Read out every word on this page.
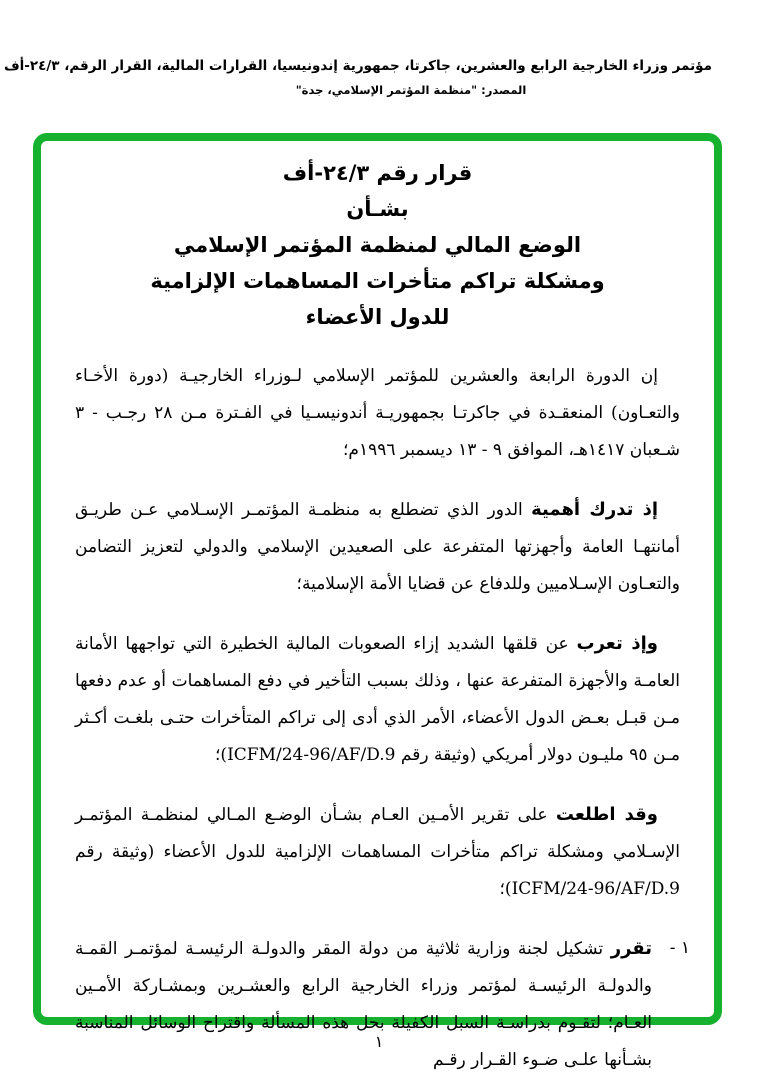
مؤتمر وزراء الخارجية الرابع والعشرين، جاكرتا، جمهورية إندونيسيا، القرارات المالية، القرار الرقم، ٢٤/٣-أف
المصدر: "منظمة المؤتمر الإسلامي، جدة"
قرار رقم ٢٤/٣-أف
بشـأن
الوضع المالي لمنظمة المؤتمر الإسلامي
ومشكلة تراكم متأخرات المساهمات الإلزامية
للدول الأعضاء

إن الدورة الرابعة والعشرين للمؤتمر الإسلامي لـوزراء الخارجيـة (دورة الأخـاء والتعـاون) المنعقـدة في جاكرتـا بجمهوريـة أندونيسـيا في الفـترة مـن ٢٨ رجـب - ٣ شـعبان ١٤١٧هـ، الموافق ٩ - ١٣ ديسمبر ١٩٩٦م؛

إذ تدرك أهمية الدور الذي تضطلع به منظمـة المؤتمـر الإسـلامي عـن طريـق أمانتهـا العامة وأجهزتها المتفرعة على الصعيدين الإسلامي والدولي لتعزيز التضامن والتعـاون الإسـلاميين وللدفاع عن قضايا الأمة الإسلامية؛

وإذ تعرب عن قلقها الشديد إزاء الصعوبات المالية الخطيرة التي تواجهها الأمانة العامـة والأجهزة المتفرعة عنها ، وذلك بسبب التأخير في دفع المساهمات أو عدم دفعها مـن قبـل بعـض الدول الأعضاء، الأمر الذي أدى إلى تراكم المتأخرات حتـى بلغـت أكـثر مـن ٩٥ مليـون دولار أمريكي (وثيقة رقم ICFM/24-96/AF/D.9)؛

وقد اطلعت على تقرير الأمـين العـام بشـأن الوضـع المـالي لمنظمـة المؤتمـر الإسـلامي ومشكلة تراكم متأخرات المساهمات الإلزامية للدول الأعضاء (وثيقة رقم ICFM/24-96/AF/D.9)؛

١ -

تقرر تشكيل لجنة وزارية ثلاثية من دولة المقر والدولـة الرئيسـة لمؤتمـر القمـة والدولـة الرئيسـة لمؤتمر وزراء الخارجية الرابع والعشـرين وبمشـاركة الأمـين العـام؛ لتقـوم بدراسـة السبل الكفيلة بحل هذه المسألة واقتراح الوسائل المناسبة بشـأنها علـى ضـوء القـرار رقـم

١
